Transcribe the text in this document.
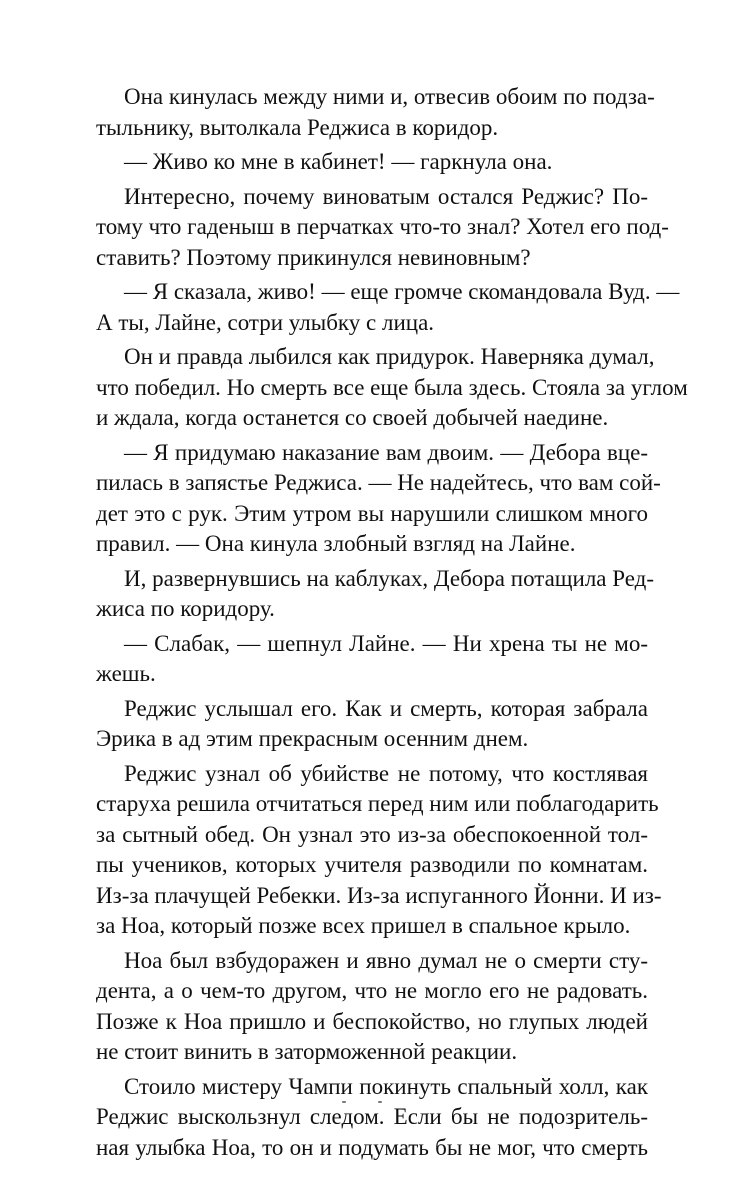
Она кинулась между ними и, отвесив обоим по подза-
тыльнику, вытолкала Реджиса в коридор.

— Живо ко мне в кабинет! — гаркнула она.

Интересно, почему виноватым остался Реджис? По-
тому что гаденыш в перчатках что-то знал? Хотел его под-
ставить? Поэтому прикинулся невиновным?

— Я сказала, живо! — еще громче скомандовала Вуд. —
А ты, Лайне, сотри улыбку с лица.

Он и правда лыбился как придурок. Наверняка думал,
что победил. Но смерть все еще была здесь. Стояла за углом
и ждала, когда останется со своей добычей наедине.

— Я придумаю наказание вам двоим. — Дебора вце-
пилась в запястье Реджиса. — Не надейтесь, что вам сой-
дет это с рук. Этим утром вы нарушили слишком много
правил. — Она кинула злобный взгляд на Лайне.

И, развернувшись на каблуках, Дебора потащила Ред-
жиса по коридору.

— Слабак, — шепнул Лайне. — Ни хрена ты не мо-
жешь.

Реджис услышал его. Как и смерть, которая забрала
Эрика в ад этим прекрасным осенним днем.

Реджис узнал об убийстве не потому, что костлявая
старуха решила отчитаться перед ним или поблагодарить
за сытный обед. Он узнал это из-за обеспокоенной тол-
пы учеников, которых учителя разводили по комнатам.
Из-за плачущей Ребекки. Из-за испуганного Йонни. И из-
за Ноа, который позже всех пришел в спальное крыло.

Ноа был взбудоражен и явно думал не о смерти сту-
дента, а о чем-то другом, что не могло его не радовать.
Позже к Ноа пришло и беспокойство, но глупых людей
не стоит винить в заторможенной реакции.

Стоило мистеру Чампи покинуть спальный холл, как
Реджис выскользнул следом. Если бы не подозритель-
ная улыбка Ноа, то он и подумать бы не мог, что смерть
